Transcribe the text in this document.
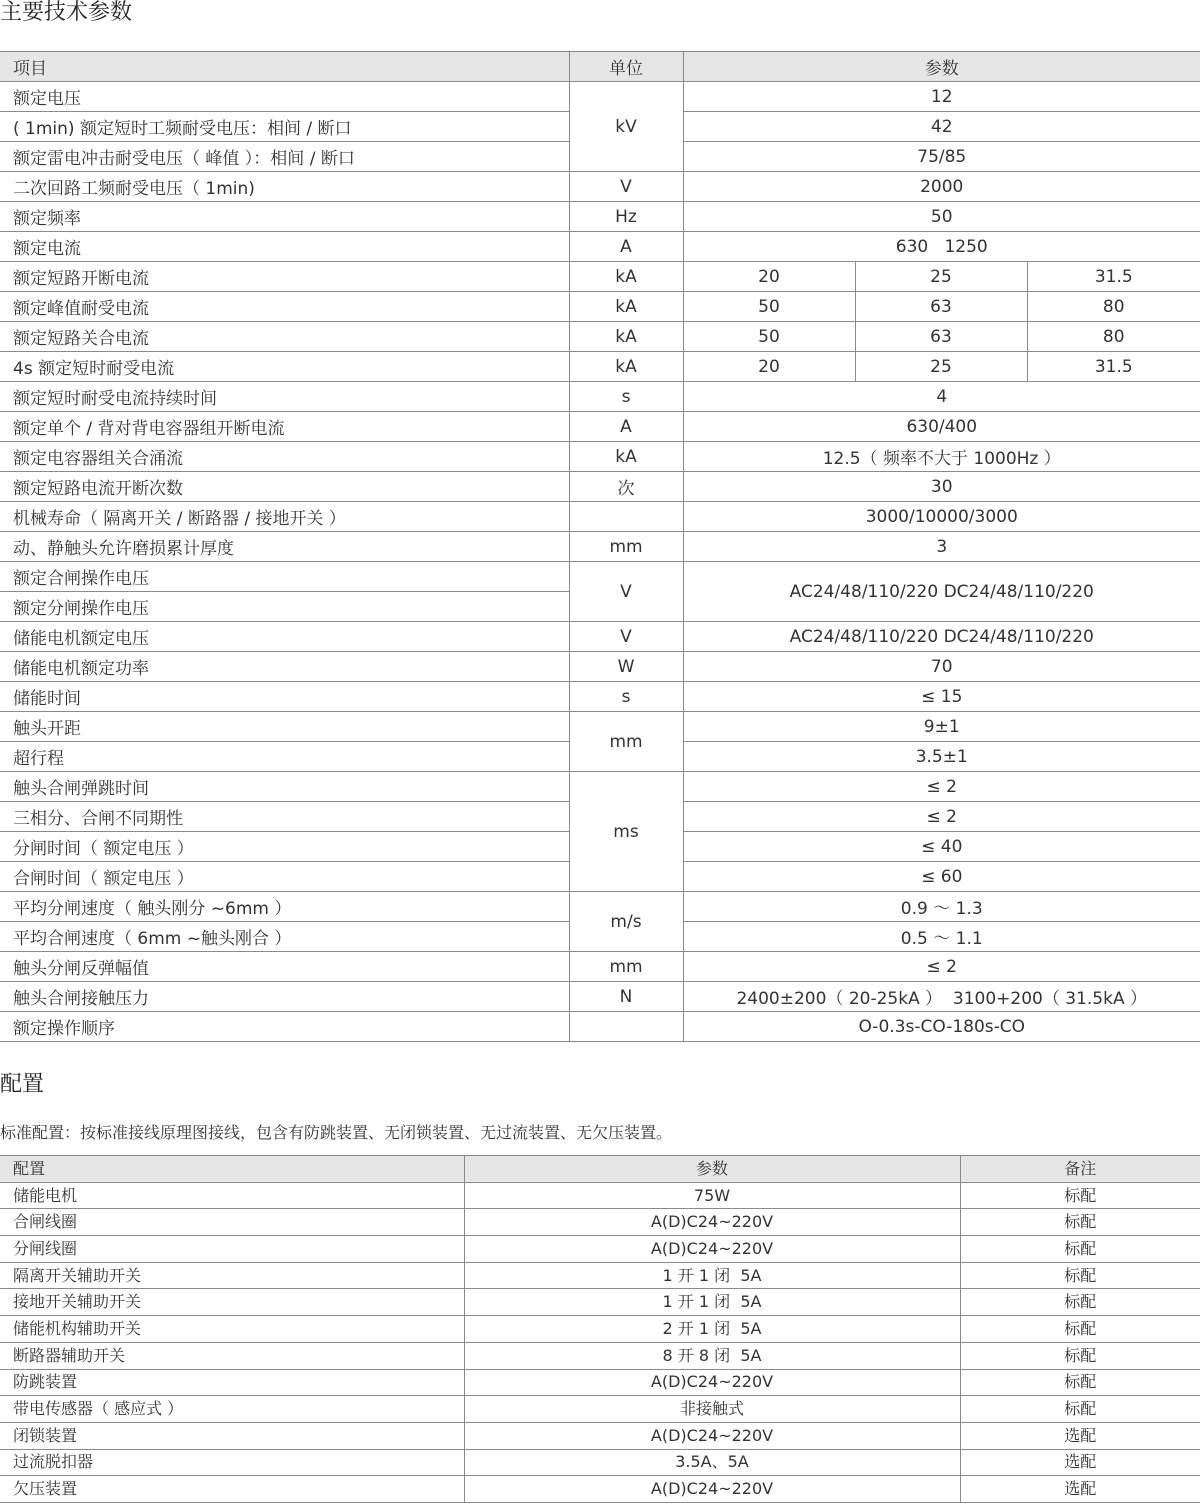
主要技术参数
项目	单位	参数		
额定电压	kV	12		
( 1min) 额定短时工频耐受电压：相间 / 断口		42		
额定雷电冲击耐受电压（ 峰值 ）：相间 / 断口		75/85		
二次回路工频耐受电压（ 1min)	V	2000		
额定频率	Hz	50		
额定电流	A	630   1250		
额定短路开断电流	kA	20	25	31.5
额定峰值耐受电流	kA	50	63	80
额定短路关合电流	kA	50	63	80
4s 额定短时耐受电流	kA	20	25	31.5
额定短时耐受电流持续时间	s	4		
额定单个 / 背对背电容器组开断电流	A	630/400		
额定电容器组关合涌流	kA	12.5（ 频率不大于 1000Hz ）		
额定短路电流开断次数	次	30		
机械寿命（ 隔离开关 / 断路器 / 接地开关 ）		3000/10000/3000		
动、静触头允许磨损累计厚度	mm	3		
额定合闸操作电压	V	AC24/48/110/220 DC24/48/110/220		
额定分闸操作电压				
储能电机额定电压	V	AC24/48/110/220 DC24/48/110/220		
储能电机额定功率	W	70		
储能时间	s	≤ 15		
触头开距	mm	9±1		
超行程		3.5±1		
触头合闸弹跳时间	ms	≤ 2		
三相分、合闸不同期性		≤ 2		
分闸时间（ 额定电压 ）		≤ 40		
合闸时间（ 额定电压 ）		≤ 60		
平均分闸速度（ 触头刚分 ~6mm ）	m/s	0.9 ～ 1.3		
平均合闸速度（ 6mm ~触头刚合 ）		0.5 ～ 1.1		
触头分闸反弹幅值	mm	≤ 2		
触头合闸接触压力	N	2400±200（ 20-25kA ）  3100+200（ 31.5kA ）		
额定操作顺序		O-0.3s-CO-180s-CO		
配置

标准配置：按标准接线原理图接线，包含有防跳装置、无闭锁装置、无过流装置、无欠压装置。

配置	参数	备注
储能电机	75W	标配
合闸线圈	A(D)C24~220V	标配
分闸线圈	A(D)C24~220V	标配
隔离开关辅助开关	1 开 1 闭  5A	标配
接地开关辅助开关	1 开 1 闭  5A	标配
储能机构辅助开关	2 开 1 闭  5A	标配
断路器辅助开关	8 开 8 闭  5A	标配
防跳装置	A(D)C24~220V	标配
带电传感器（ 感应式 ）	非接触式	标配
闭锁装置	A(D)C24~220V	选配
过流脱扣器	3.5A、5A	选配
欠压装置	A(D)C24~220V	选配
